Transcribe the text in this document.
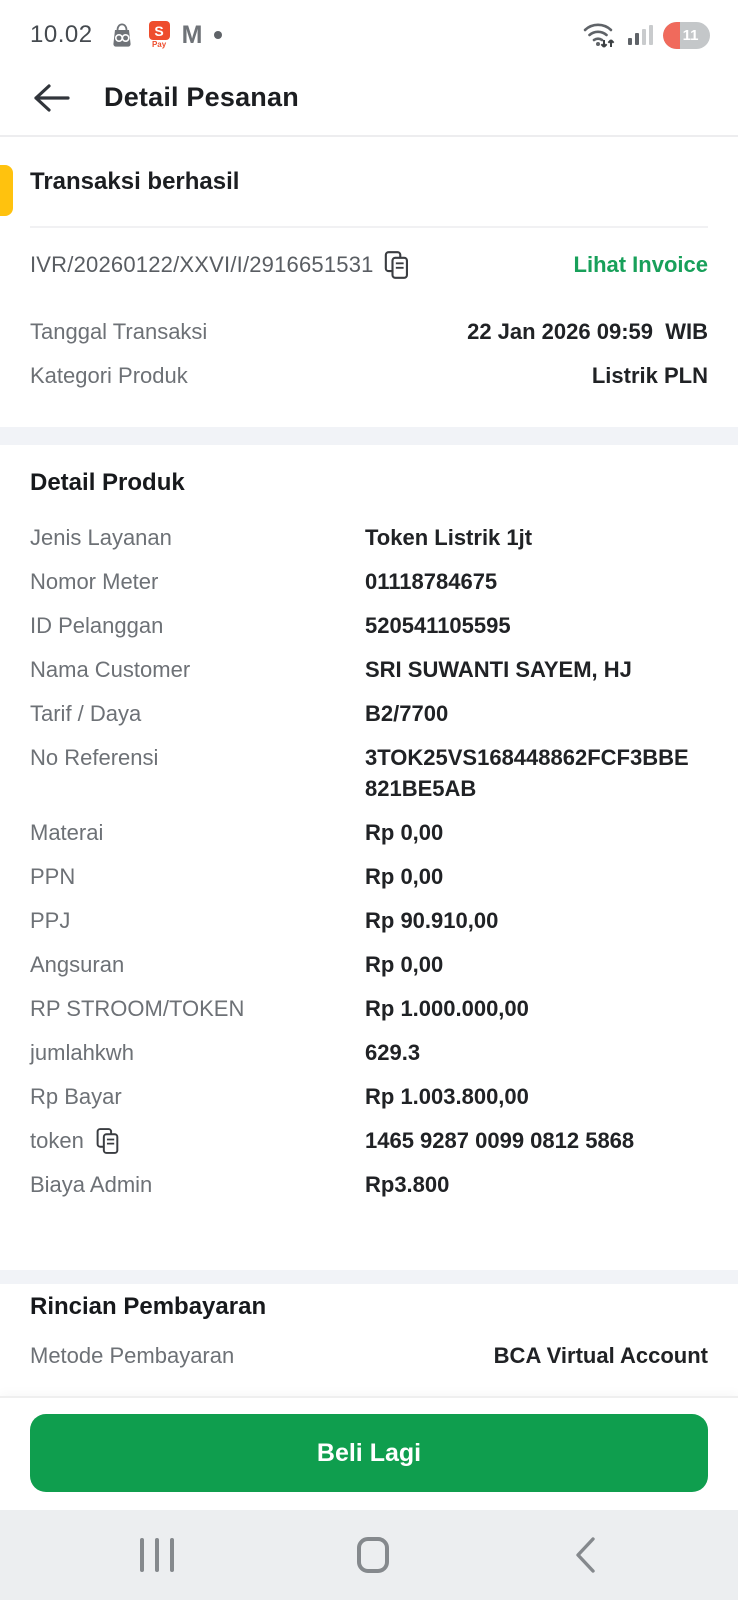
10.02	S
Pay M	11
Detail Pesanan
Transaksi berhasil
IVR/20260122/XXVI/I/2916651531	Lihat Invoice
Tanggal Transaksi	22 Jan 2026 09:59  WIB
Kategori Produk	Listrik PLN
Detail Produk
Jenis Layanan	Token Listrik 1jt
Nomor Meter	01118784675
ID Pelanggan	520541105595
Nama Customer	SRI SUWANTI SAYEM, HJ
Tarif / Daya	B2/7700
No Referensi	3TOK25VS168448862FCF3BBE821BE5AB
Materai	Rp 0,00
PPN	Rp 0,00
PPJ	Rp 90.910,00
Angsuran	Rp 0,00
RP STROOM/TOKEN	Rp 1.000.000,00
jumlahkwh	629.3
Rp Bayar	Rp 1.003.800,00
token	1465 9287 0099 0812 5868
Biaya Admin	Rp3.800
Rincian Pembayaran
Metode Pembayaran	BCA Virtual Account
Beli Lagi
